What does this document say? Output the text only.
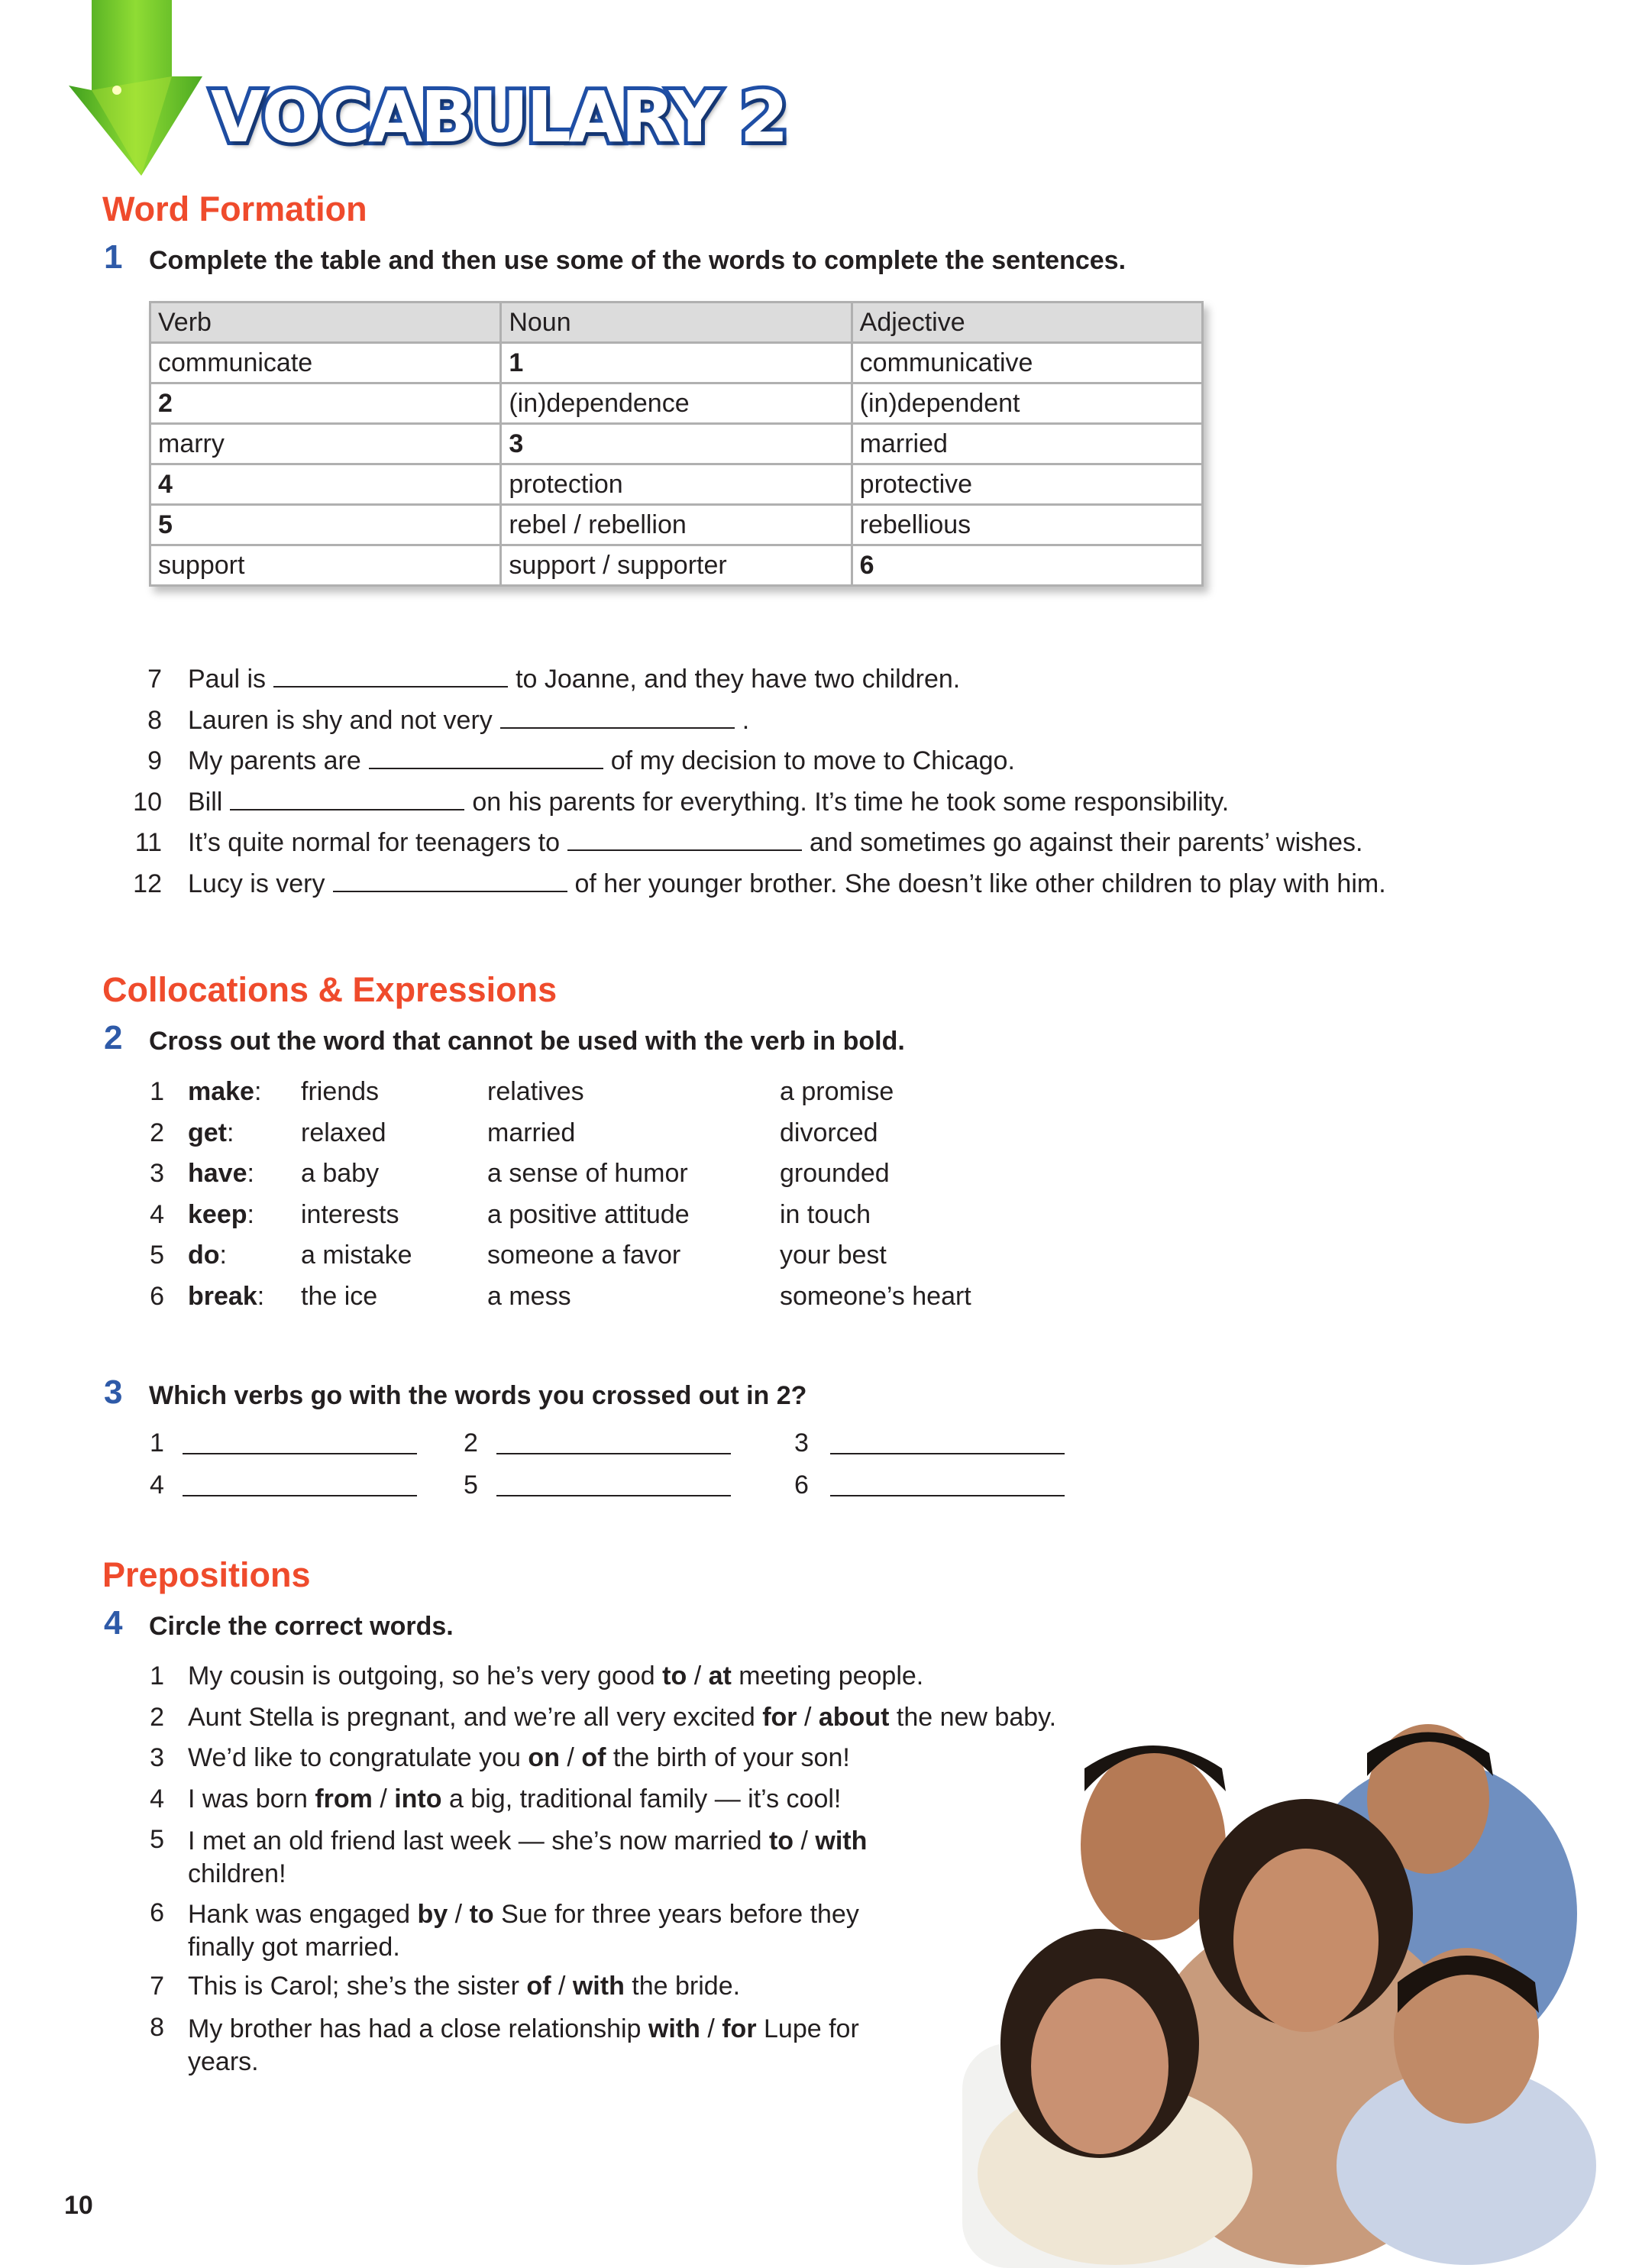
VOCABULARY 2
Word Formation
1 Complete the table and then use some of the words to complete the sentences.
Verb	Noun	Adjective
communicate	1	communicative
2	(in)dependence	(in)dependent
marry	3	married
4	protection	protective
5	rebel / rebellion	rebellious
support	support / supporter	6
7 Paul is	to Joanne, and they have two children.
8 Lauren is shy and not very	.
9 My parents are	of my decision to move to Chicago.
10 Bill	on his parents for everything. It’s time he took some responsibility.
11 It’s quite normal for teenagers to	and sometimes go against their parents’ wishes.
12 Lucy is very	of her younger brother. She doesn’t like other children to play with him.
Collocations & Expressions
2 Cross out the word that cannot be used with the verb in bold.
1 make: friends	relatives	a promise
2 get:	relaxed	married	divorced
3 have: a baby	a sense of humor	grounded
4 keep: interests	a positive attitude	in touch
5 do:	a mistake	someone a favor	your best
6 break: the ice	a mess	someone’s heart
3 Which verbs go with the words you crossed out in 2?
1	2	3
4	5	6
Prepositions
4 Circle the correct words.
1 My cousin is outgoing, so he’s very good to / at meeting people.
2 Aunt Stella is pregnant, and we’re all very excited for / about the new baby.
3 We’d like to congratulate you on / of the birth of your son!
4 I was born from / into a big, traditional family — it’s cool!
5 I met an old friend last week — she’s now married to / with children!
6 Hank was engaged by / to Sue for three years before they finally got married.
7 This is Carol; she’s the sister of / with the bride.
8 My brother has had a close relationship with / for Lupe for years.
10
